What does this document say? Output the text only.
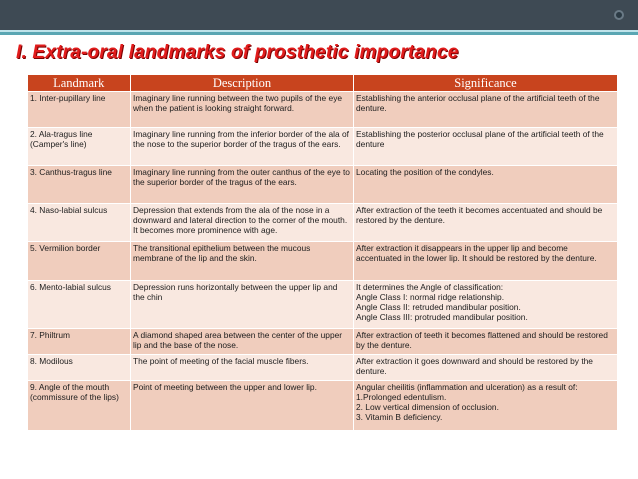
I. Extra-oral landmarks of prosthetic importance
Landmark	Description	Significance
1. Inter-pupillary line	Imaginary line running between the two pupils of the eye when the patient is looking straight forward.	Establishing the anterior occlusal plane of the artificial teeth of the denture.
2. Ala-tragus line (Camper's line)	Imaginary line running from the inferior border of the ala of the nose to the superior border of the tragus of the ears.	Establishing the posterior occlusal plane of the artificial teeth of the denture
3. Canthus-tragus line	Imaginary line running from the outer canthus of the eye to the superior border of the tragus of the ears.	Locating the position of the condyles.
4. Naso-labial sulcus	Depression that extends from the ala of the nose in a downward and lateral direction to the corner of the mouth. It becomes more prominence with age.	After extraction of the teeth it becomes accentuated and should be restored by the denture.
5. Vermilion border	The transitional epithelium between the mucous membrane of the lip and the skin.	After extraction it disappears in the upper lip and become accentuated in the lower lip. It should be restored by the denture.
6. Mento-labial sulcus	Depression runs horizontally between the upper lip and the chin	It determines the Angle of classification:
Angle Class I: normal ridge relationship.
Angle Class II: retruded mandibular position.
Angle Class III: protruded mandibular position.
7. Philtrum	A diamond shaped area between the center of the upper lip and the base of the nose.	After extraction of teeth it becomes flattened and should be restored by the denture.
8. Modilous	The point of meeting of the facial muscle fibers.	After extraction it goes downward and should be restored by the denture.
9. Angle of the mouth (commissure of the lips)	Point of meeting between the upper and lower lip.	Angular cheilitis (inflammation and ulceration) as a result of:
1.Prolonged edentulism.
2. Low vertical dimension of occlusion.
3. Vitamin B deficiency.
